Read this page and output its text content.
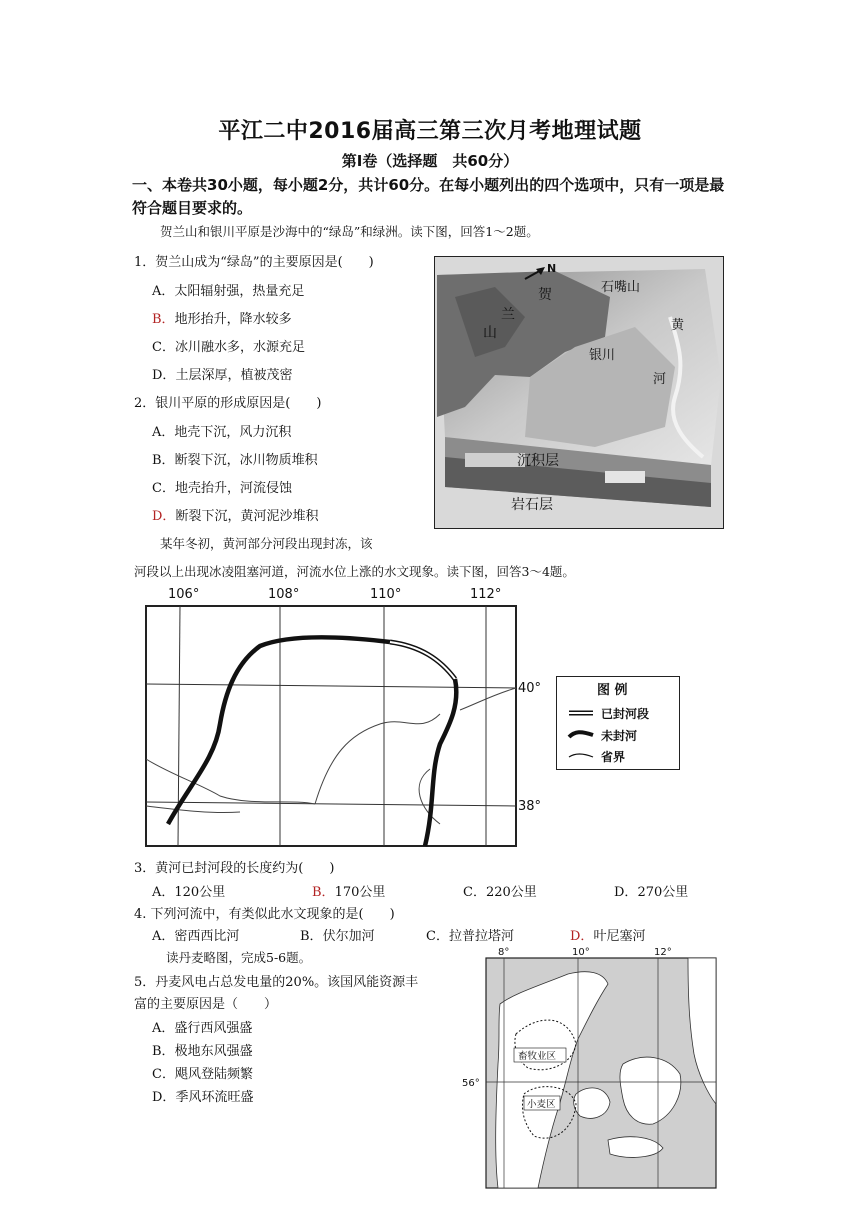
平江二中2016届高三第三次月考地理试题
第Ⅰ卷（选择题　共60分）
一、本卷共30小题，每小题2分，共计60分。在每小题列出的四个选项中，只有一项是最符合题目要求的。
贺兰山和银川平原是沙海中的“绿岛”和绿洲。读下图，回答1～2题。
1．贺兰山成为“绿岛”的主要原因是(　　)
A．太阳辐射强，热量充足
B．地形抬升，降水较多
C．冰川融水多，水源充足
D．土层深厚，植被茂密
2．银川平原的形成原因是(　　)
A．地壳下沉，风力沉积
B．断裂下沉，冰川物质堆积
C．地壳抬升，河流侵蚀
D．断裂下沉，黄河泥沙堆积
N
贺
兰
山
石嘴山
黄
银川
河
沉积层
岩石层
某年冬初，黄河部分河段出现封冻，该
河段以上出现冰凌阻塞河道，河流水位上涨的水文现象。读下图，回答3～4题。
106°	108°	110°	112°
40°
38°
图 例
已封河段
未封河
省界
3．黄河已封河段的长度约为(　　)
A．120公里	B．170公里	C．220公里	D．270公里
4. 下列河流中，有类似此水文现象的是(　　)
A．密西西比河	B．伏尔加河	C．拉普拉塔河	D．叶尼塞河
读丹麦略图，完成5-6题。
5．丹麦风电占总发电量的20%。该国风能资源丰
富的主要原因是（　　）
A．盛行西风强盛
B．极地东风强盛
C．飓风登陆频繁
D．季风环流旺盛
8°	10°	12°
56°
畜牧业区
小麦区
